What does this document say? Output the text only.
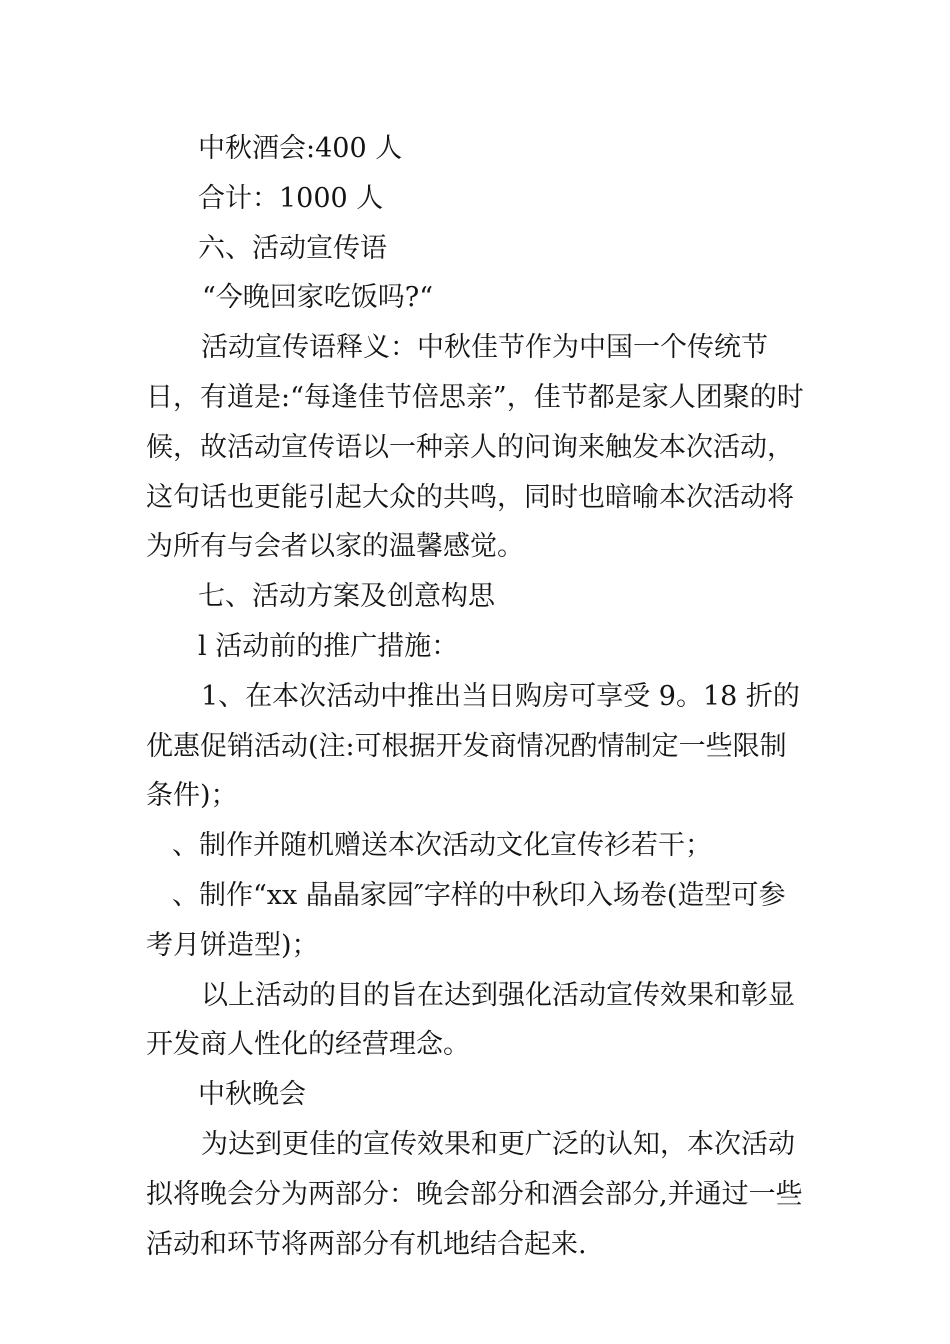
中秋酒会:400 人

合计：1000 人

六、活动宣传语

“今晚回家吃饭吗?“

活动宣传语释义：中秋佳节作为中国一个传统节日，有道是:“每逢佳节倍思亲”，佳节都是家人团聚的时候，故活动宣传语以一种亲人的问询来触发本次活动，这句话也更能引起大众的共鸣，同时也暗喻本次活动将为所有与会者以家的温馨感觉。

七、活动方案及创意构思

l 活动前的推广措施：

1、在本次活动中推出当日购房可享受 9。18 折的优惠促销活动(注:可根据开发商情况酌情制定一些限制条件)；

、制作并随机赠送本次活动文化宣传衫若干；

、制作“xx 晶晶家园″字样的中秋印入场卷(造型可参考月饼造型)；

以上活动的目的旨在达到强化活动宣传效果和彰显开发商人性化的经营理念。

中秋晚会

为达到更佳的宣传效果和更广泛的认知，本次活动拟将晚会分为两部分：晚会部分和酒会部分,并通过一些活动和环节将两部分有机地结合起来.
